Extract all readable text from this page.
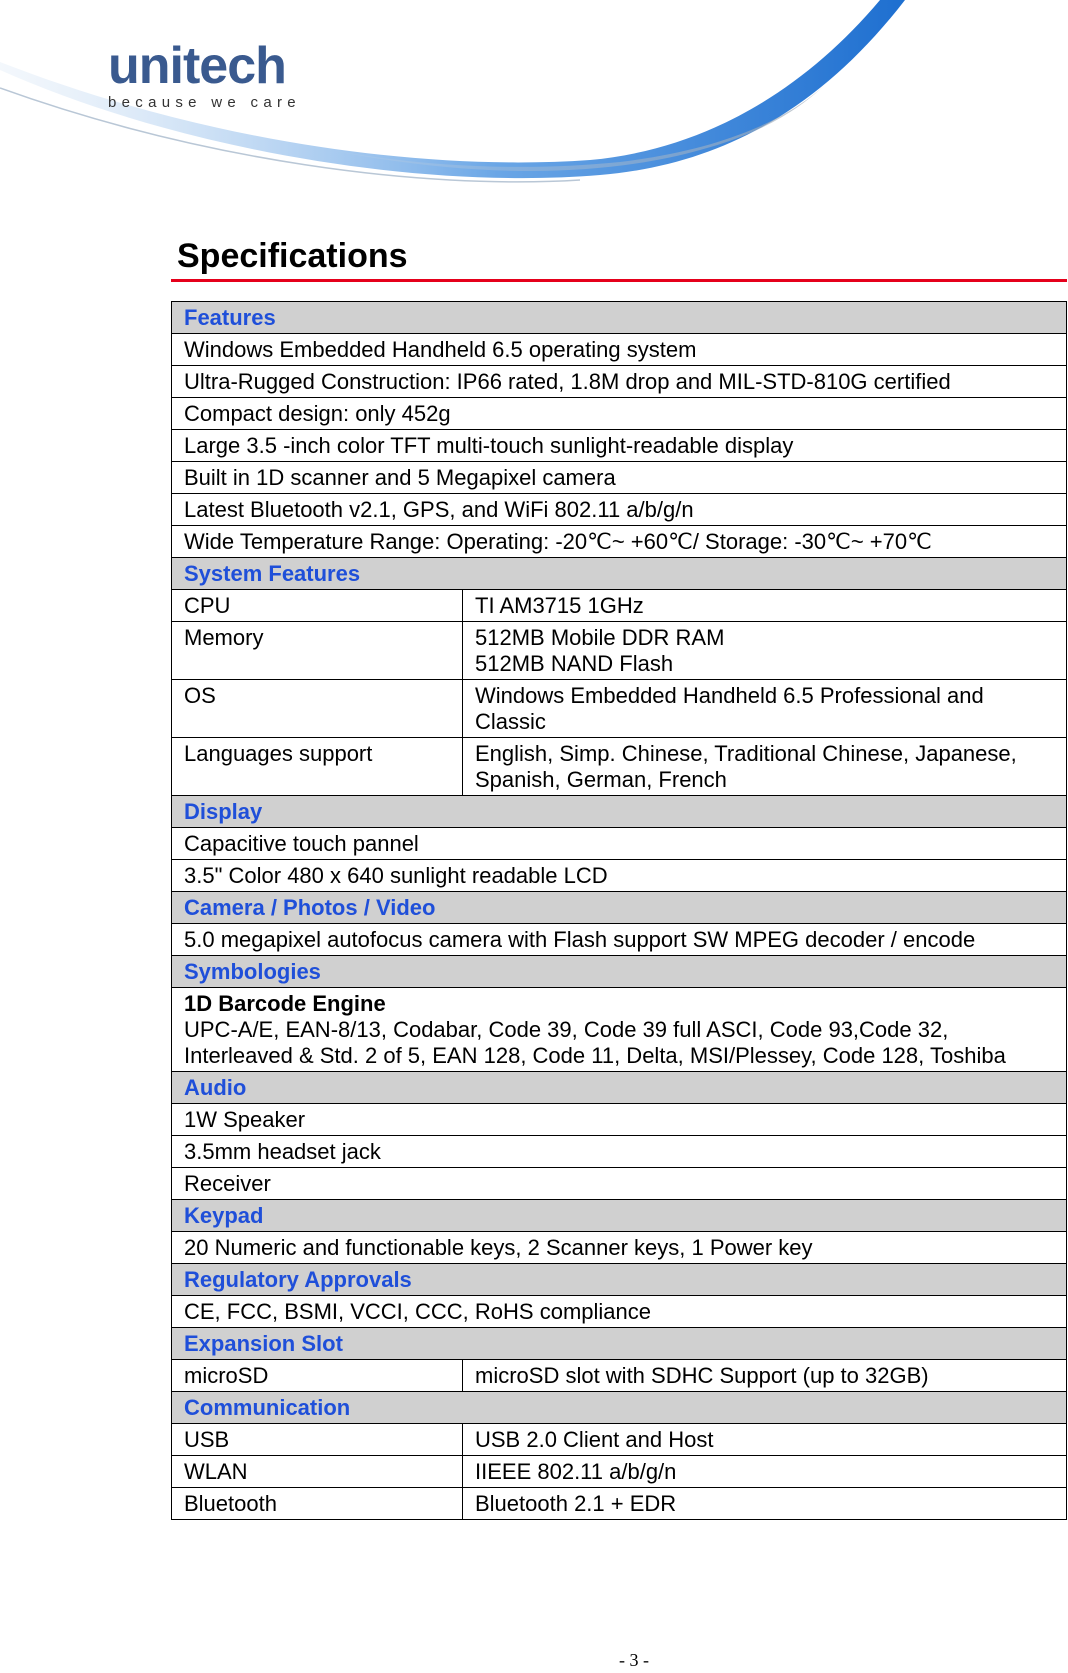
unitech
because we care
Specifications
Features	
Windows Embedded Handheld 6.5 operating system	
Ultra-Rugged Construction: IP66 rated, 1.8M drop and MIL-STD-810G certified	
Compact design: only 452g	
Large 3.5 -inch color TFT multi-touch sunlight-readable display	
Built in 1D scanner and 5 Megapixel camera	
Latest Bluetooth v2.1, GPS, and WiFi 802.11 a/b/g/n	
Wide Temperature Range: Operating: -20℃~ +60℃/ Storage: -30℃~ +70℃	
System Features	
CPU	TI AM3715 1GHz
Memory	512MB Mobile DDR RAM
512MB NAND Flash

OS	Windows Embedded Handheld 6.5 Professional and Classic
Languages support	English, Simp. Chinese, Traditional Chinese, Japanese, Spanish, German, French
Display	
Capacitive touch pannel	
3.5" Color 480 x 640 sunlight readable LCD	
Camera / Photos / Video	
5.0 megapixel autofocus camera with Flash support SW MPEG decoder / encode	
Symbologies	

1D Barcode Engine
UPC-A/E, EAN-8/13, Codabar, Code 39, Code 39 full ASCI, Code 93,Code 32, Interleaved & Std. 2 of 5, EAN 128, Code 11, Delta, MSI/Plessey, Code 128, Toshiba	

Audio	
1W Speaker	
3.5mm headset jack	
Receiver	
Keypad	
20 Numeric and functionable keys, 2 Scanner keys, 1 Power key	
Regulatory Approvals	
CE, FCC, BSMI, VCCI, CCC, RoHS compliance	
Expansion Slot	
microSD	microSD slot with SDHC Support (up to 32GB)
Communication	
USB	USB 2.0 Client and Host
WLAN	IIEEE 802.11 a/b/g/n
Bluetooth	Bluetooth 2.1 + EDR
- 3 -
